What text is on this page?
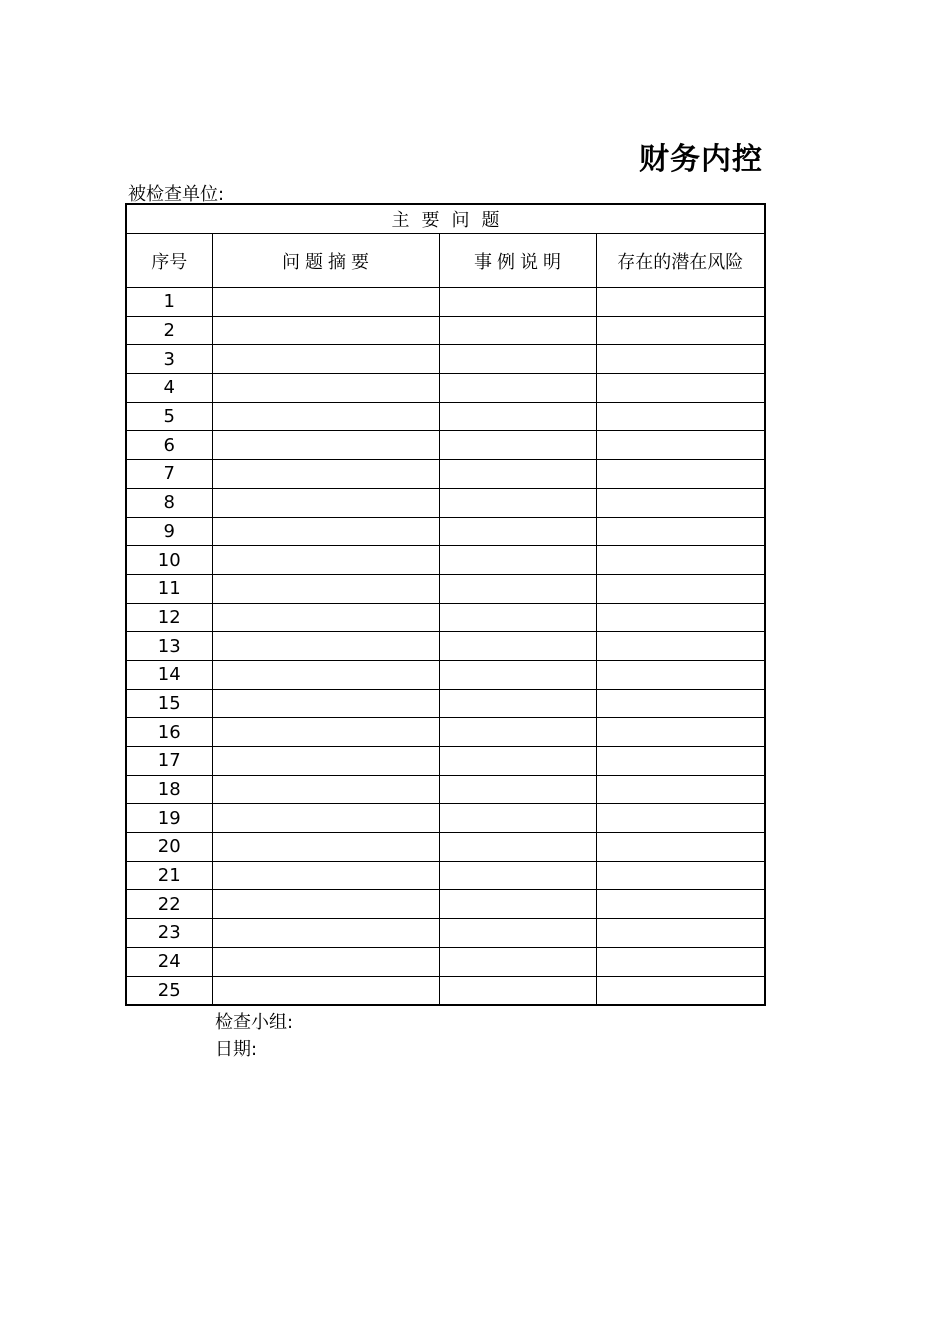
财务内控
被检查单位:
主要问题			
序号	问题摘要	事例说明	存在的潜在风险
1			
2			
3			
4			
5			
6			
7			
8			
9			
10			
11			
12			
13			
14			
15			
16			
17			
18			
19			
20			
21			
22			
23			
24			
25			
检查小组:
日期:
